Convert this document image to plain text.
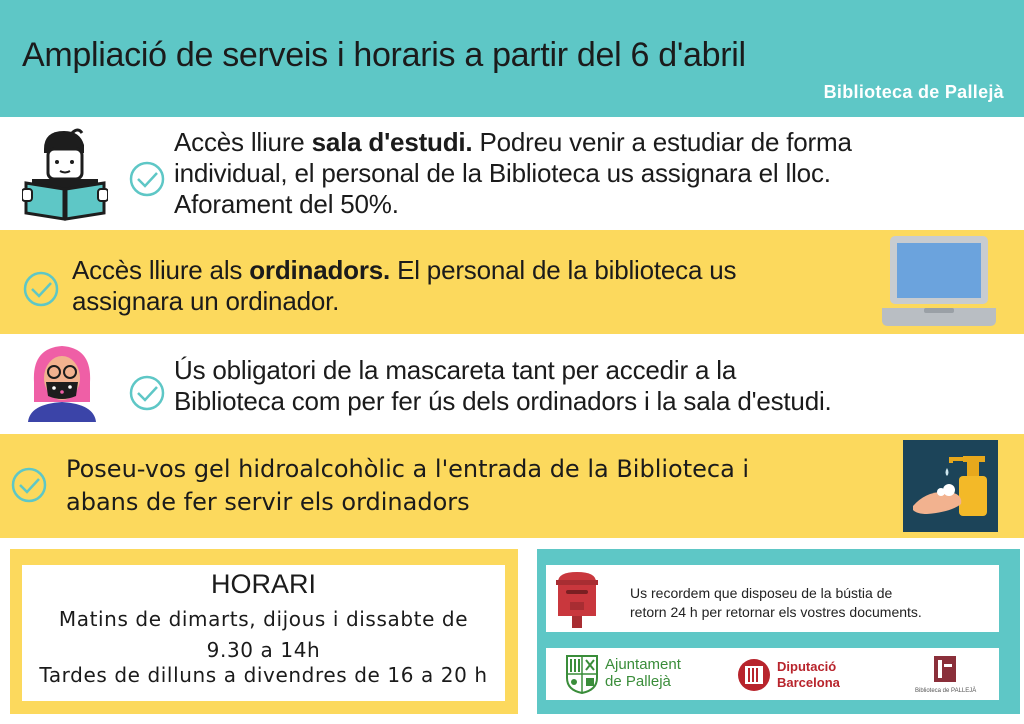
Ampliació de serveis i horaris a partir del 6 d'abril
Biblioteca de Pallejà
Accès lliure sala d'estudi. Podreu venir a estudiar de forma
individual, el personal de la Biblioteca us assignara el lloc.
Aforament del 50%.
Accès lliure als ordinadors. El personal de la biblioteca us
assignara un ordinador.
Ús obligatori de la mascareta tant per accedir a la
Biblioteca com per fer ús dels ordinadors i la sala d'estudi.
Poseu-vos gel hidroalcohòlic a l'entrada de la Biblioteca i
abans de fer servir els ordinadors
HORARI
Matins de dimarts, dijous i dissabte de
9.30 a 14h
Tardes de dilluns a divendres de 16 a 20 h
Us recordem que disposeu de la bústia de
retorn 24 h per retornar els vostres documents.
Ajuntament
de Pallejà
Diputació
Barcelona
Biblioteca de PALLEJÀ
